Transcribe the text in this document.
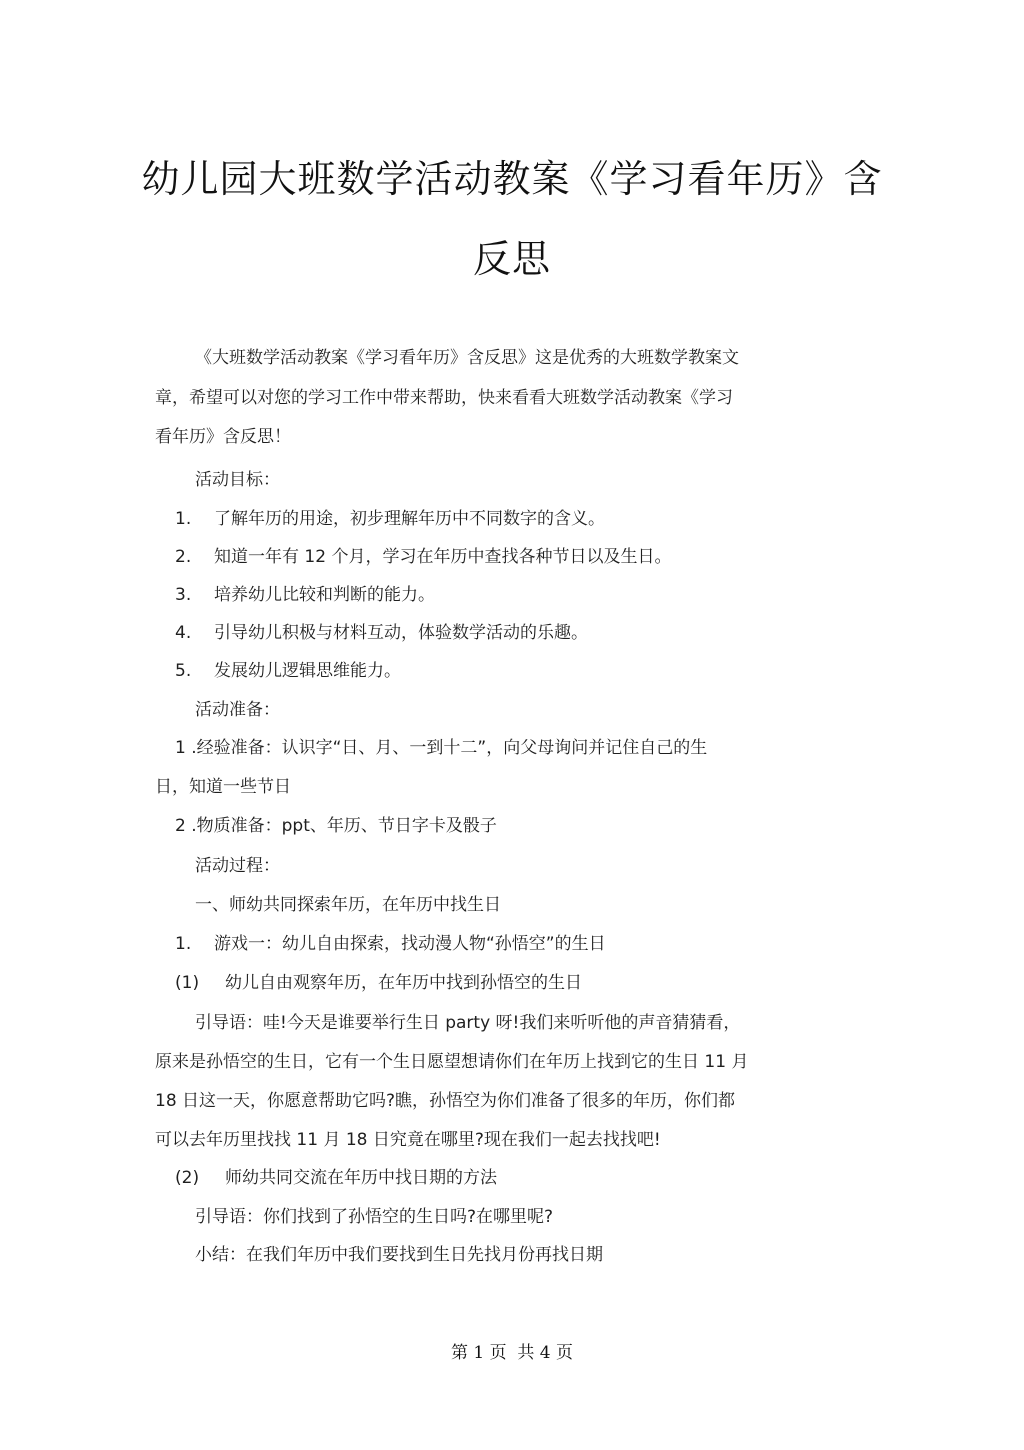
幼儿园大班数学活动教案《学习看年历》含
反思
《大班数学活动教案《学习看年历》含反思》这是优秀的大班数学教案文
章，希望可以对您的学习工作中带来帮助，快来看看大班数学活动教案《学习
看年历》含反思！
活动目标：
1. 了解年历的用途，初步理解年历中不同数字的含义。
2. 知道一年有 12 个月，学习在年历中查找各种节日以及生日。
3. 培养幼儿比较和判断的能力。
4. 引导幼儿积极与材料互动，体验数学活动的乐趣。
5. 发展幼儿逻辑思维能力。
活动准备：
1 .经验准备：认识字“日、月、一到十二”，向父母询问并记住自己的生
日，知道一些节日
2 .物质准备：ppt、年历、节日字卡及骰子
活动过程：
一、师幼共同探索年历，在年历中找生日
1. 游戏一：幼儿自由探索，找动漫人物“孙悟空”的生日
(1) 幼儿自由观察年历，在年历中找到孙悟空的生日
引导语：哇!今天是谁要举行生日 party 呀!我们来听听他的声音猜猜看，
原来是孙悟空的生日，它有一个生日愿望想请你们在年历上找到它的生日 11 月
18 日这一天，你愿意帮助它吗?瞧，孙悟空为你们准备了很多的年历，你们都
可以去年历里找找 11 月 18 日究竟在哪里?现在我们一起去找找吧!
(2) 师幼共同交流在年历中找日期的方法
引导语：你们找到了孙悟空的生日吗?在哪里呢?
小结：在我们年历中我们要找到生日先找月份再找日期
第 1 页  共 4 页
